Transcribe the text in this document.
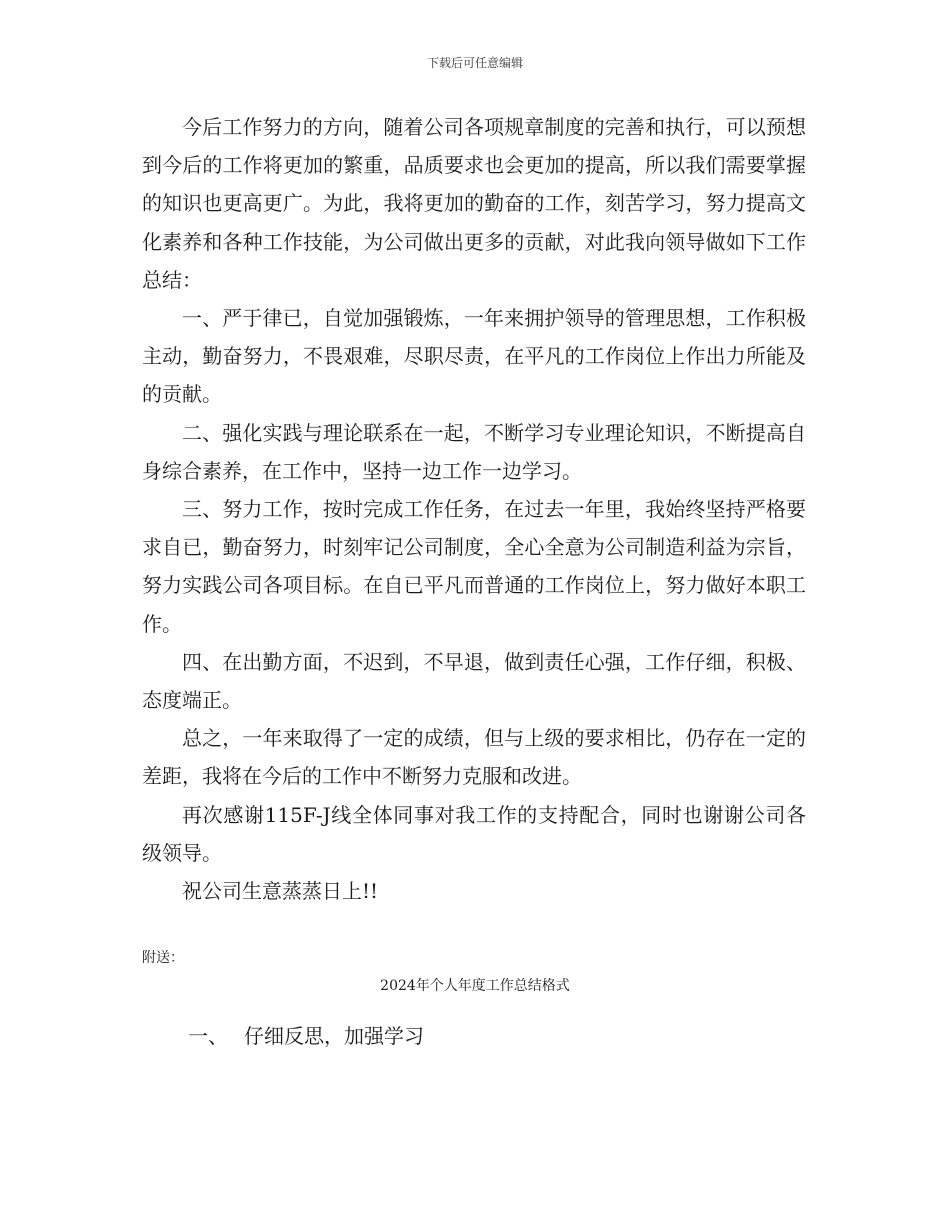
下载后可任意编辑

今后工作努力的方向，随着公司各项规章制度的完善和执行，可以预想到今后的工作将更加的繁重，品质要求也会更加的提高，所以我们需要掌握的知识也更高更广。为此，我将更加的勤奋的工作，刻苦学习，努力提高文化素养和各种工作技能，为公司做出更多的贡献，对此我向领导做如下工作总结：

一、严于律已，自觉加强锻炼，一年来拥护领导的管理思想，工作积极主动，勤奋努力，不畏艰难，尽职尽责，在平凡的工作岗位上作出力所能及的贡献。

二、强化实践与理论联系在一起，不断学习专业理论知识，不断提高自身综合素养，在工作中，坚持一边工作一边学习。

三、努力工作，按时完成工作任务，在过去一年里，我始终坚持严格要求自已，勤奋努力，时刻牢记公司制度，全心全意为公司制造利益为宗旨，努力实践公司各项目标。在自已平凡而普通的工作岗位上，努力做好本职工作。

四、在出勤方面，不迟到，不早退，做到责任心强，工作仔细，积极、态度端正。

总之，一年来取得了一定的成绩，但与上级的要求相比，仍存在一定的差距，我将在今后的工作中不断努力克服和改进。

再次感谢115F-J线全体同事对我工作的支持配合，同时也谢谢公司各级领导。

祝公司生意蒸蒸日上!!

附送：
2024年个人年度工作总结格式
一、 仔细反思，加强学习
